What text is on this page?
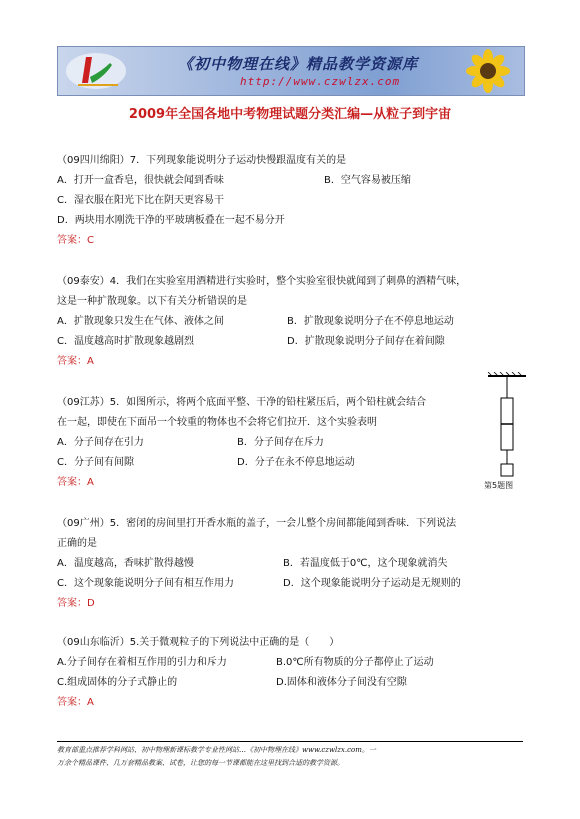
《初中物理在线》精品教学资源库
http://www.czwlzx.com
2009年全国各地中考物理试题分类汇编—从粒子到宇宙
（09四川绵阳）7．下列现象能说明分子运动快慢跟温度有关的是
A．打开一盒香皂，很快就会闻到香味	B．空气容易被压缩
C．湿衣服在阳光下比在阴天更容易干
D．两块用水刚洗干净的平玻璃板叠在一起不易分开
答案：C
（09泰安）4．我们在实验室用酒精进行实验时，整个实验室很快就闻到了刺鼻的酒精气味，
这是一种扩散现象。以下有关分析错误的是
A．扩散现象只发生在气体、液体之间	B．扩散现象说明分子在不停息地运动
C．温度越高时扩散现象越剧烈	D．扩散现象说明分子间存在着间隙
答案：A
（09江苏）5．如图所示，将两个底面平整、干净的铅柱紧压后，两个铅柱就会结合
在一起，即使在下面吊一个较重的物体也不会将它们拉开．这个实验表明
A．分子间存在引力	B．分子间存在斥力
C．分子间有间隙	D．分子在永不停息地运动
答案：A	第5题图
（09广州）5．密闭的房间里打开香水瓶的盖子，一会儿整个房间都能闻到香味．下列说法
正确的是
A．温度越高，香味扩散得越慢	B．若温度低于0℃，这个现象就消失
C．这个现象能说明分子间有相互作用力	D．这个现象能说明分子运动是无规则的
答案：D
（09山东临沂）5.关于微观粒子的下列说法中正确的是（　　）
A.分子间存在着相互作用的引力和斥力	B.0℃所有物质的分子都停止了运动
C.组成固体的分子式静止的	D.固体和液体分子间没有空隙
答案：A
教育部重点推荐学科网站、初中物理新课标教学专业性网站…《初中物理在线》www.czwlzx.com。一
万余个精品课件、几万套精品教案、试卷，让您的每一节课都能在这里找到合适的教学资源。
